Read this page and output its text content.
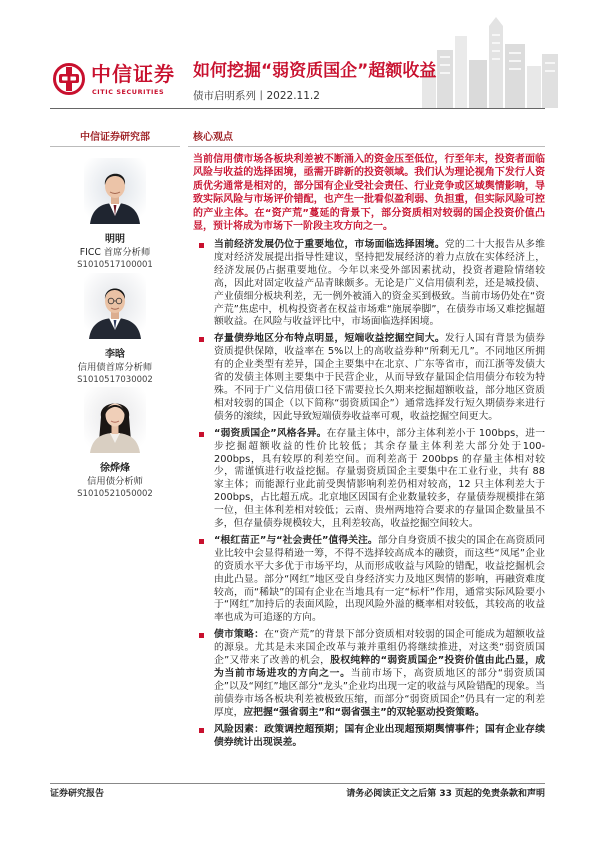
中信证券
CITIC SECURITIES
如何挖掘“弱资质国企”超额收益
债市启明系列丨2022.11.2
中信证券研究部	核心观点
明明
FICC 首席分析师
S1010517100001
李晗
信用债首席分析师
S1010517030002
徐烨烽
信用债分析师
S1010521050002

当前信用债市场各板块利差被不断涌入的资金压至低位，行至年末，投资者面临风险与收益的选择困境，亟需开辟新的投资领域。我们认为理论视角下发行人资质优劣通常是相对的，部分国有企业受社会责任、行业竞争或区域舆情影响，导致实际风险与市场评价错配，也产生一批看似盈利弱、负担重，但实际风险可控的产业主体。在“资产荒”蔓延的背景下，部分资质相对较弱的国企投资价值凸显，预计将成为市场下一阶段主攻方向之一。

当前经济发展仍位于重要地位，市场面临选择困境。党的二十大报告从多维度对经济发展提出指导性建议，坚持把发展经济的着力点放在实体经济上，经济发展仍占据重要地位。今年以来受外部因素扰动，投资者避险情绪较高，因此对固定收益产品青睐颇多。无论是广义信用债利差，还是城投债、产业债细分板块利差，无一例外被涌入的资金买到极致。当前市场仍处在“资产荒”焦虑中，机构投资者在权益市场难“施展拳脚”，在债券市场又难挖掘超额收益。在风险与收益评比中，市场面临选择困境。

存量债券地区分布特点明显，短端收益挖掘空间大。发行人国有背景为债券资质提供保障，收益率在 5%以上的高收益券种“所剩无几”。不同地区所拥有的企业类型有差异，国企主要集中在北京、广东等省市，而江浙等发债大省的发债主体则主要集中于民营企业，从而导致存量国企信用债分布较为特殊。不同于广义信用债口径下需要拉长久期来挖掘超额收益，部分地区资质相对较弱的国企（以下简称“弱资质国企”）通常选择发行短久期债券来进行债务的滚续，因此导致短端债券收益率可观，收益挖掘空间更大。

“弱资质国企”风格各异。在存量主体中，部分主体利差小于 100bps，进一步挖掘超额收益的性价比较低；其余存量主体利差大部分处于100-200bps，具有较厚的利差空间。而利差高于 200bps 的存量主体相对较少，需谨慎进行收益挖掘。存量弱资质国企主要集中在工业行业，共有 88 家主体；而能源行业此前受舆情影响利差仍相对较高，12 只主体利差大于 200bps，占比超五成。北京地区因国有企业数量较多，存量债券规模排在第一位，但主体利差相对较低；云南、贵州两地符合要求的存量国企数量虽不多，但存量债券规模较大，且利差较高，收益挖掘空间较大。

“根红苗正”与“社会责任”值得关注。部分自身资质不拔尖的国企在高资质同业比较中会显得稍逊一筹，不得不选择较高成本的融资，而这些“凤尾”企业的资质水平大多优于市场平均，从而形成收益与风险的错配，收益挖掘机会由此凸显。部分“网红”地区受自身经济实力及地区舆情的影响，再融资难度较高，而“稀缺”的国有企业在当地具有一定“标杆”作用，通常实际风险要小于“网红”加持后的表面风险，出现风险外溢的概率相对较低，其较高的收益率也成为可追逐的方向。

债市策略：在“资产荒”的背景下部分资质相对较弱的国企可能成为超额收益的源泉。尤其是未来国企改革与兼并重组仍将继续推进，对这类“弱资质国企”又带来了改善的机会，股权纯粹的“弱资质国企”投资价值由此凸显，成为当前市场进攻的方向之一。当前市场下，高资质地区的部分“弱资质国企”以及“网红”地区部分“龙头”企业均出现一定的收益与风险错配的现象。当前债券市场各板块利差被极致压缩，而部分“弱资质国企”仍具有一定的利差厚度，应把握“强省弱主”和“弱省强主”的双轮驱动投资策略。

风险因素：政策调控超预期；国有企业出现超预期舆情事件；国有企业存续债券统计出现误差。

证券研究报告	请务必阅读正文之后第 33 页起的免责条款和声明
